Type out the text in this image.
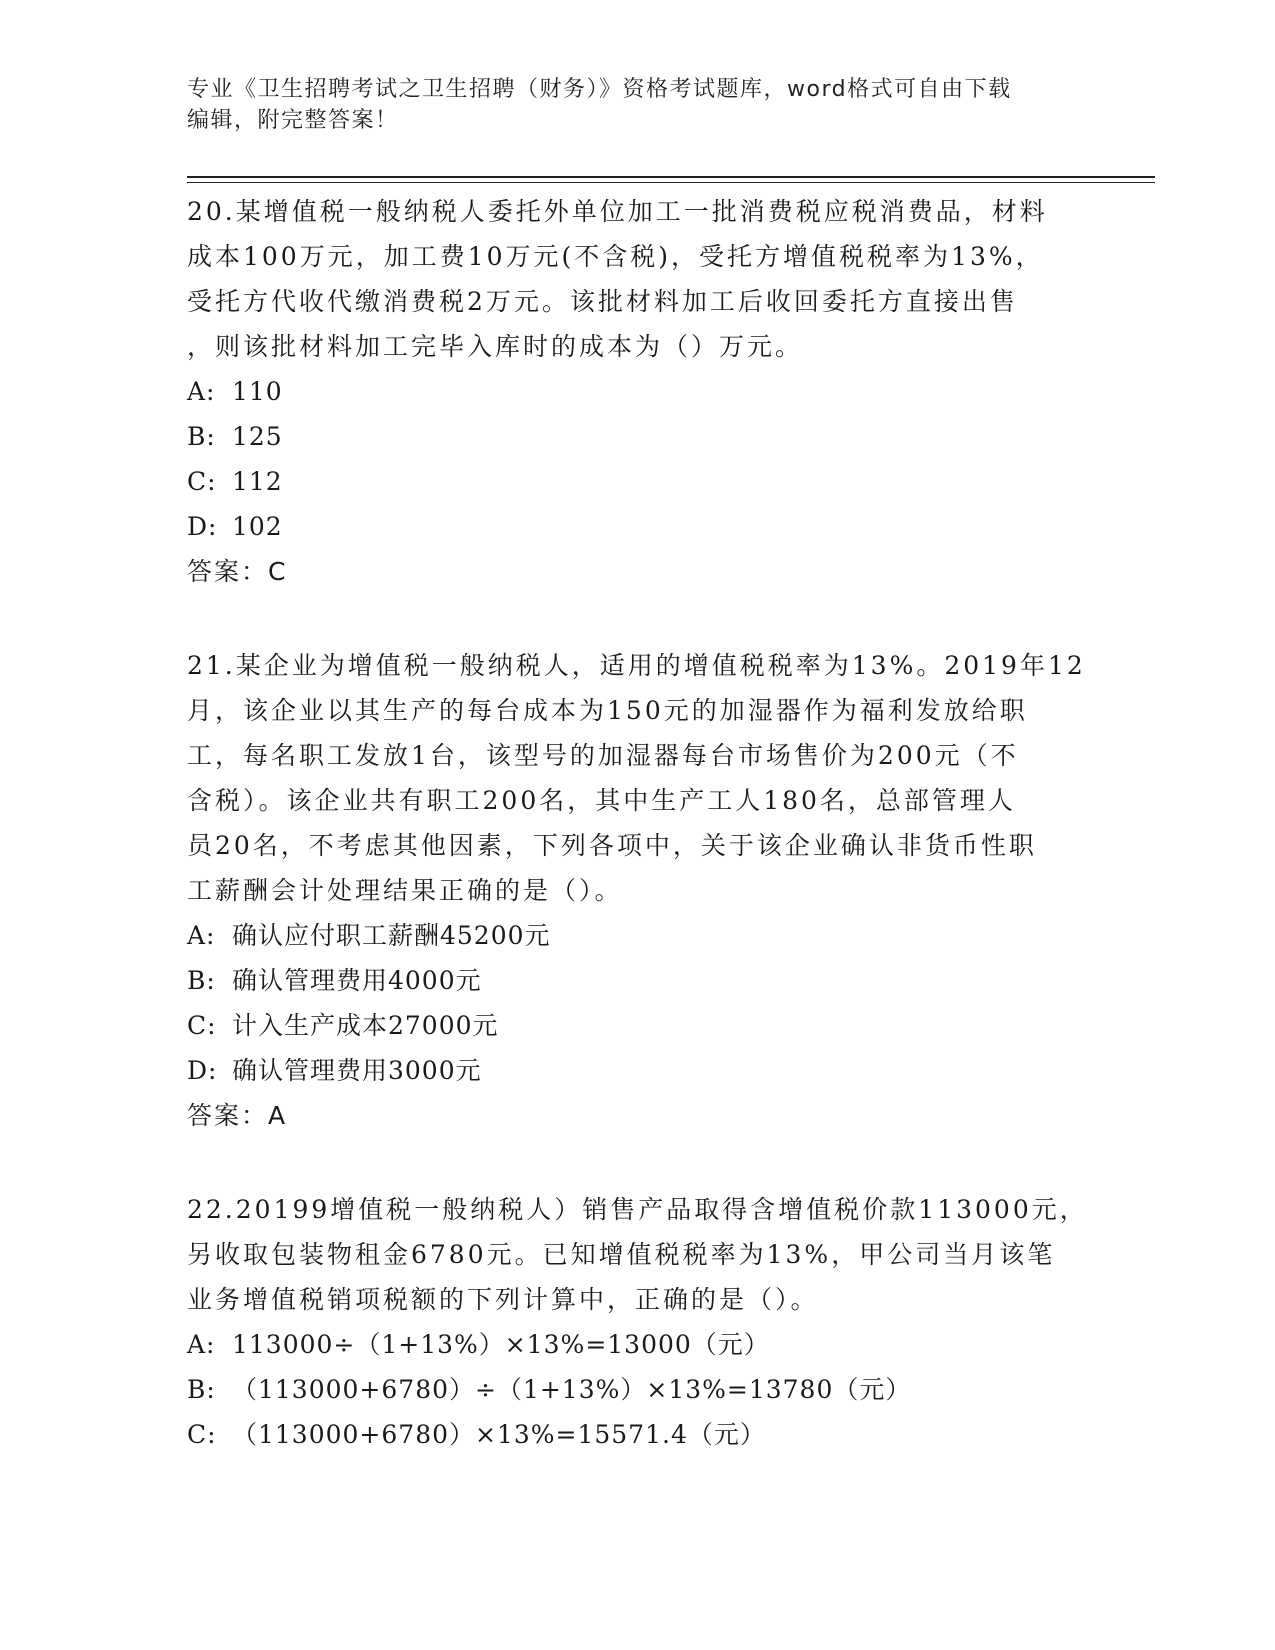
专业《卫生招聘考试之卫生招聘（财务）》资格考试题库，word格式可自由下载
编辑，附完整答案！
20.某增值税一般纳税人委托外单位加工一批消费税应税消费品，材料
成本100万元，加工费10万元(不含税)，受托方增值税税率为13%，
受托方代收代缴消费税2万元。该批材料加工后收回委托方直接出售
，则该批材料加工完毕入库时的成本为（）万元。
A: 110
B: 125
C: 112
D: 102
答案：C
21.某企业为增值税一般纳税人，适用的增值税税率为13%。2019年12
月，该企业以其生产的每台成本为150元的加湿器作为福利发放给职
工，每名职工发放1台，该型号的加湿器每台市场售价为200元（不
含税）。该企业共有职工200名，其中生产工人180名，总部管理人
员20名，不考虑其他因素，下列各项中，关于该企业确认非货币性职
工薪酬会计处理结果正确的是（）。
A: 确认应付职工薪酬45200元
B: 确认管理费用4000元
C: 计入生产成本27000元
D: 确认管理费用3000元
答案：A
22.20199增值税一般纳税人）销售产品取得含增值税价款113000元，
另收取包装物租金6780元。已知增值税税率为13%，甲公司当月该笔
业务增值税销项税额的下列计算中，正确的是（）。
A: 113000÷（1+13%）×13%=13000（元）
B: （113000+6780）÷（1+13%）×13%=13780（元）
C: （113000+6780）×13%=15571.4（元）
